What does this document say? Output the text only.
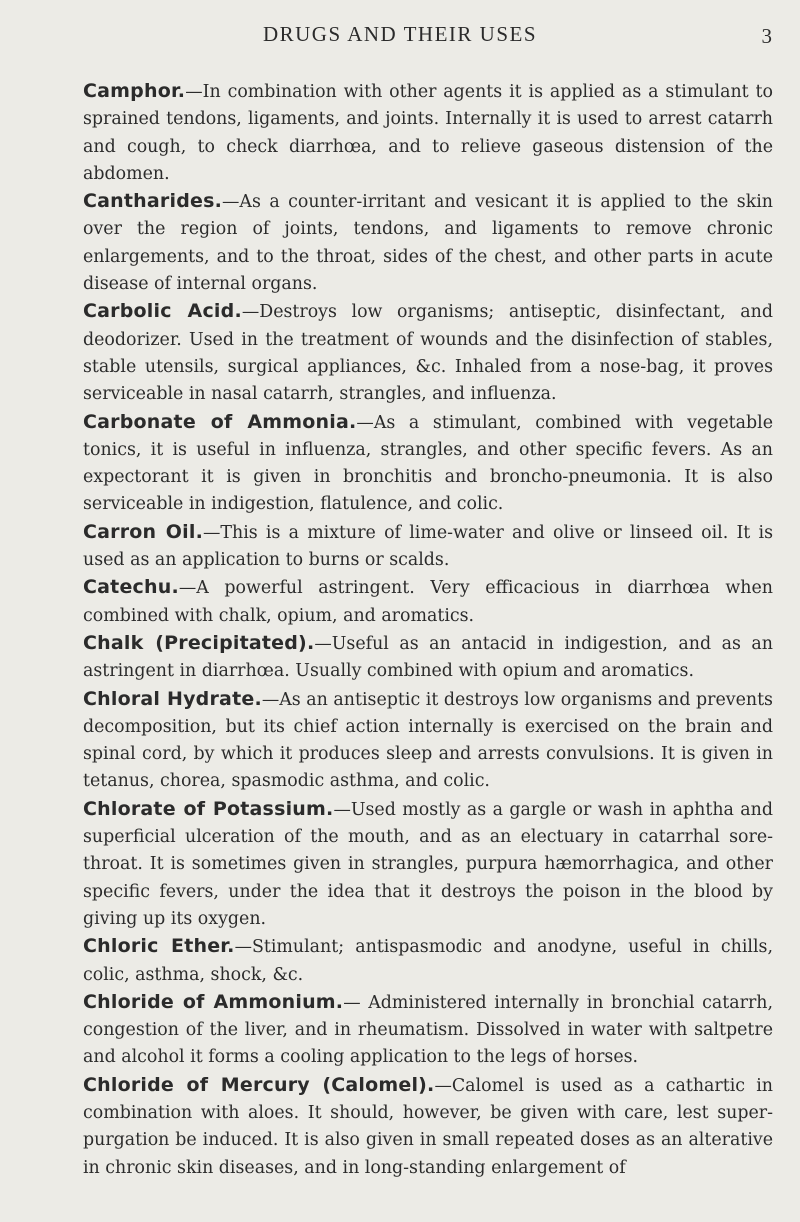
DRUGS AND THEIR USES	3

Camphor.—In combination with other agents it is applied as a stimulant to sprained tendons, ligaments, and joints. Internally it is used to arrest catarrh and cough, to check diarrhœa, and to relieve gaseous distension of the abdomen.

Cantharides.—As a counter-irritant and vesicant it is applied to the skin over the region of joints, tendons, and ligaments to remove chronic enlargements, and to the throat, sides of the chest, and other parts in acute disease of internal organs.

Carbolic Acid.—Destroys low organisms; antiseptic, disinfectant, and deodorizer. Used in the treatment of wounds and the disinfection of stables, stable utensils, surgical appliances, &c. Inhaled from a nose-bag, it proves serviceable in nasal catarrh, strangles, and influenza.

Carbonate of Ammonia.—As a stimulant, combined with vegetable tonics, it is useful in influenza, strangles, and other specific fevers. As an expectorant it is given in bronchitis and broncho-pneumonia. It is also serviceable in indigestion, flatulence, and colic.

Carron Oil.—This is a mixture of lime-water and olive or linseed oil. It is used as an application to burns or scalds.

Catechu.—A powerful astringent. Very efficacious in diarrhœa when combined with chalk, opium, and aromatics.

Chalk (Precipitated).—Useful as an antacid in indigestion, and as an astringent in diarrhœa. Usually combined with opium and aromatics.

Chloral Hydrate.—As an antiseptic it destroys low organisms and prevents decomposition, but its chief action internally is exercised on the brain and spinal cord, by which it produces sleep and arrests convulsions. It is given in tetanus, chorea, spasmodic asthma, and colic.

Chlorate of Potassium.—Used mostly as a gargle or wash in aphtha and superficial ulceration of the mouth, and as an electuary in catarrhal sore-throat. It is sometimes given in strangles, purpura hæmorrhagica, and other specific fevers, under the idea that it destroys the poison in the blood by giving up its oxygen.

Chloric Ether.—Stimulant; antispasmodic and anodyne, useful in chills, colic, asthma, shock, &c.

Chloride of Ammonium.— Administered internally in bronchial catarrh, congestion of the liver, and in rheumatism. Dissolved in water with saltpetre and alcohol it forms a cooling application to the legs of horses.

Chloride of Mercury (Calomel).—Calomel is used as a cathartic in combination with aloes. It should, however, be given with care, lest super-purgation be induced. It is also given in small repeated doses as an alterative in chronic skin diseases, and in long-standing enlargement of
